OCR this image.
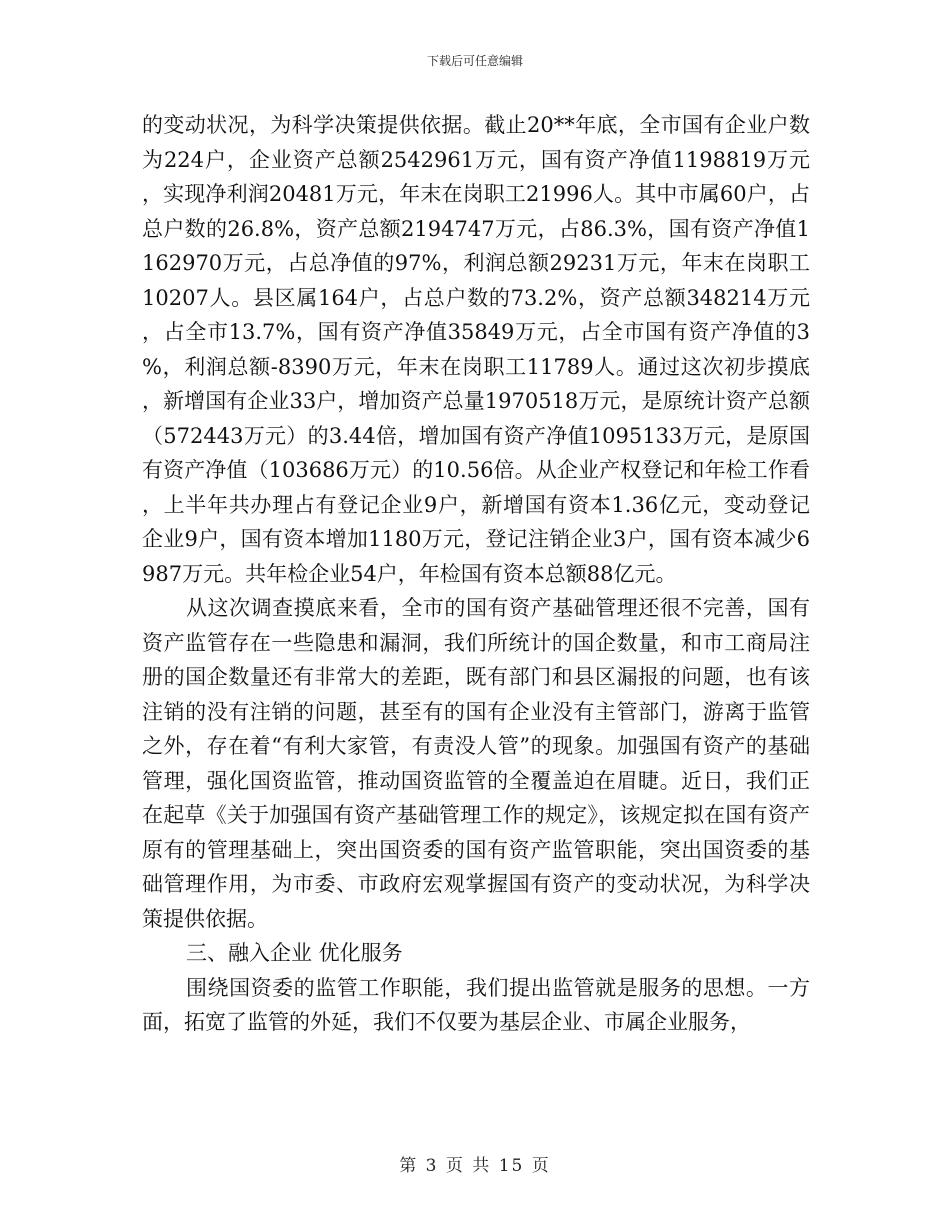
下载后可任意编辑

的变动状况，为科学决策提供依据。截止20**年底，全市国有企业户数为224户，企业资产总额2542961万元，国有资产净值1198819万元，实现净利润20481万元，年末在岗职工21996人。其中市属60户，占总户数的26.8%，资产总额2194747万元，占86.3%，国有资产净值1162970万元，占总净值的97%，利润总额29231万元，年末在岗职工10207人。县区属164户，占总户数的73.2%，资产总额348214万元，占全市13.7%，国有资产净值35849万元，占全市国有资产净值的3%，利润总额-8390万元，年末在岗职工11789人。通过这次初步摸底，新增国有企业33户，增加资产总量1970518万元，是原统计资产总额（572443万元）的3.44倍，增加国有资产净值1095133万元，是原国有资产净值（103686万元）的10.56倍。从企业产权登记和年检工作看，上半年共办理占有登记企业9户，新增国有资本1.36亿元，变动登记企业9户，国有资本增加1180万元，登记注销企业3户，国有资本减少6987万元。共年检企业54户，年检国有资本总额88亿元。

从这次调查摸底来看，全市的国有资产基础管理还很不完善，国有资产监管存在一些隐患和漏洞，我们所统计的国企数量，和市工商局注册的国企数量还有非常大的差距，既有部门和县区漏报的问题，也有该注销的没有注销的问题，甚至有的国有企业没有主管部门，游离于监管之外，存在着“有利大家管，有责没人管”的现象。加强国有资产的基础管理，强化国资监管，推动国资监管的全覆盖迫在眉睫。近日，我们正在起草《关于加强国有资产基础管理工作的规定》，该规定拟在国有资产原有的管理基础上，突出国资委的国有资产监管职能，突出国资委的基础管理作用，为市委、市政府宏观掌握国有资产的变动状况，为科学决策提供依据。

三、融入企业 优化服务

围绕国资委的监管工作职能，我们提出监管就是服务的思想。一方面，拓宽了监管的外延，我们不仅要为基层企业、市属企业服务，

第 3 页 共 15 页
